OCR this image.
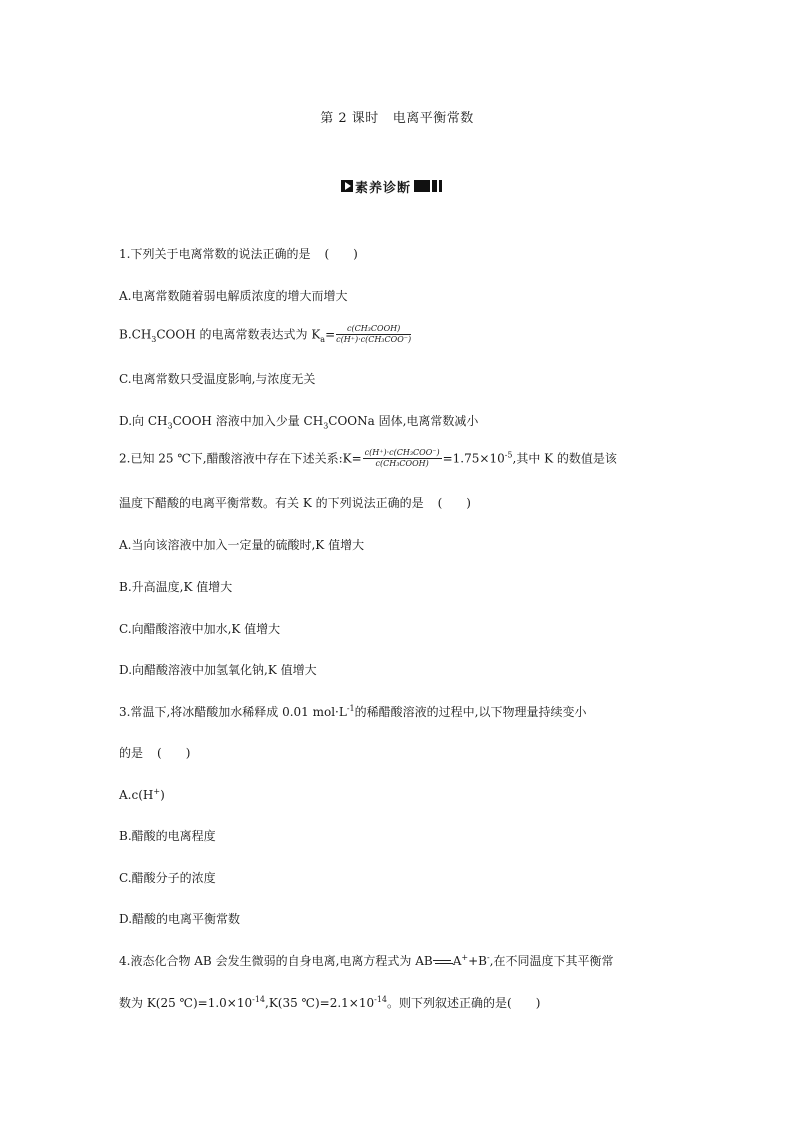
第 2 课时 电离平衡常数
素养诊断
1.下列关于电离常数的说法正确的是 (　　)
A.电离常数随着弱电解质浓度的增大而增大
$B.CH_3COOH$ 的电离常数表达式为 $K_a= \frac{\text{c(CH₃COOH)}}{\text{c(H⁺)·c(CH₃COO⁻)}}$
C.电离常数只受温度影响,与浓度无关
D.向 $CH_3COOH$ 溶液中加入少量 $CH_3COONa$ 固体,电离常数减小
2.已知 25 ℃下,醋酸溶液中存在下述关系:K= $\frac{\text{c(H⁺)·c(CH₃COO⁻)}}{\text{c(CH₃COOH)}} =1.75\times 10^{-5}$,其中 K 的数值是该
温度下醋酸的电离平衡常数。有关 K 的下列说法正确的是 (　　)
A.当向该溶液中加入一定量的硫酸时,K 值增大
B.升高温度,K 值增大
C.向醋酸溶液中加水,K 值增大
D.向醋酸溶液中加氢氧化钠,K 值增大
3.常温下,将冰醋酸加水稀释成 0.01 $mol\cdot L^{-1}$的稀醋酸溶液的过程中,以下物理量持续变小
的是 (　　)
A.c(H+)
B.醋酸的电离程度
C.醋酸分子的浓度
D.醋酸的电离平衡常数
4.液态化合物 AB 会发生微弱的自身电离,电离方程式为 AB A++B-,在不同温度下其平衡常
数为 K(25 $℃)=1.0\times 10^{-14},K(35$ $℃)=2.1\times 10^{-14}$。则下列叙述正确的是(　　)
